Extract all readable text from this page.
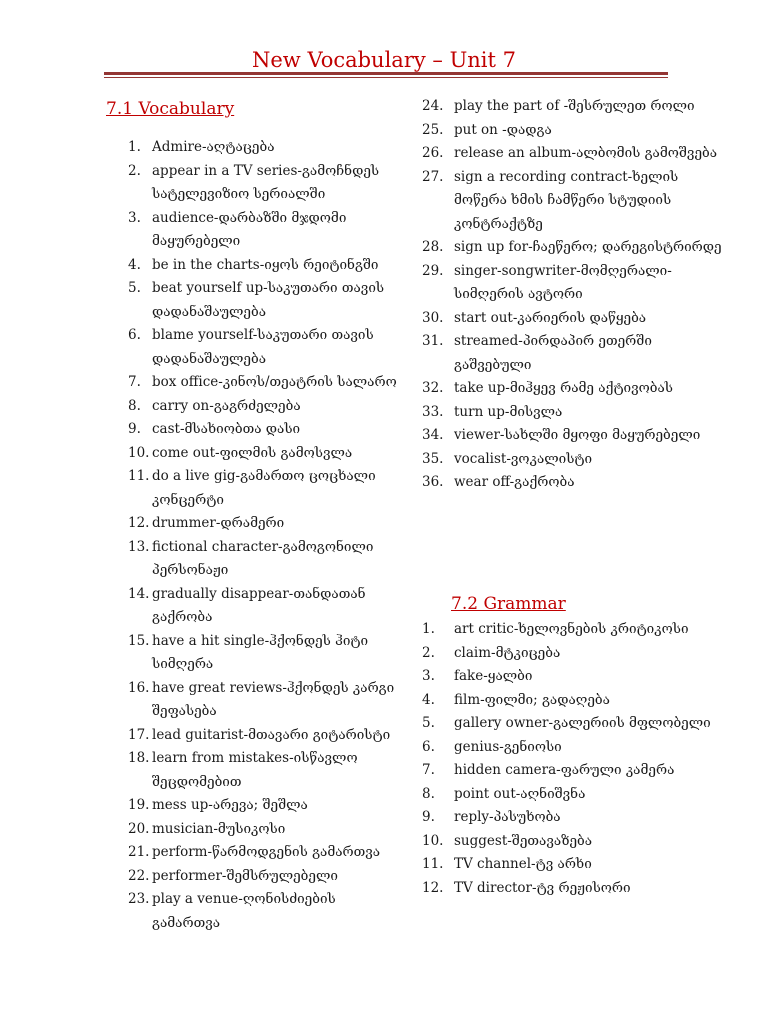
New Vocabulary – Unit 7
7.1 Vocabulary
1. Admire-აღტაცება
2. appear in a TV series-გამოჩნდეს სატელევიზიო სერიალში
3. audience-დარბაზში მჯდომი მაყურებელი
4. be in the charts-იყოს რეიტინგში
5. beat yourself up-საკუთარი თავის დადანაშაულება
6. blame yourself-საკუთარი თავის დადანაშაულება
7. box office-კინოს/თეატრის სალარო
8. carry on-გაგრძელება
9. cast-მსახიობთა დასი
10. come out-ფილმის გამოსვლა
11. do a live gig-გამართო ცოცხალი კონცერტი
12. drummer-დრამერი
13. fictional character-გამოგონილი პერსონაჟი
14. gradually disappear-თანდათან გაქრობა
15. have a hit single-ჰქონდეს ჰიტი სიმღერა
16. have great reviews-ჰქონდეს კარგი შეფასება
17. lead guitarist-მთავარი გიტარისტი
18. learn from mistakes-ისწავლო შეცდომებით
19. mess up-არევა; შეშლა
20. musician-მუსიკოსი
21. perform-წარმოდგენის გამართვა
22. performer-შემსრულებელი
23. play a venue-ღონისძიების გამართვა
24. play the part of -შესრულეთ როლი
25. put on -დადგა
26. release an album-ალბომის გამოშვება
27. sign a recording contract-ხელის მოწერა ხმის ჩამწერი სტუდიის კონტრაქტზე
28. sign up for-ჩაეწერო; დარეგისტრირდე
29. singer-songwriter-მომღერალი-სიმღერის ავტორი
30. start out-კარიერის დაწყება
31. streamed-პირდაპირ ეთერში გაშვებული
32. take up-მიჰყევ რამე აქტივობას
33. turn up-მისვლა
34. viewer-სახლში მყოფი მაყურებელი
35. vocalist-ვოკალისტი
36. wear off-გაქრობა
7.2 Grammar
1. art critic-ხელოვნების კრიტიკოსი
2. claim-მტკიცება
3. fake-ყალბი
4. film-ფილმი; გადაღება
5. gallery owner-გალერიის მფლობელი
6. genius-გენიოსი
7. hidden camera-ფარული კამერა
8. point out-აღნიშვნა
9. reply-პასუხობა
10. suggest-შეთავაზება
11. TV channel-ტვ არხი
12. TV director-ტვ რეჟისორი
